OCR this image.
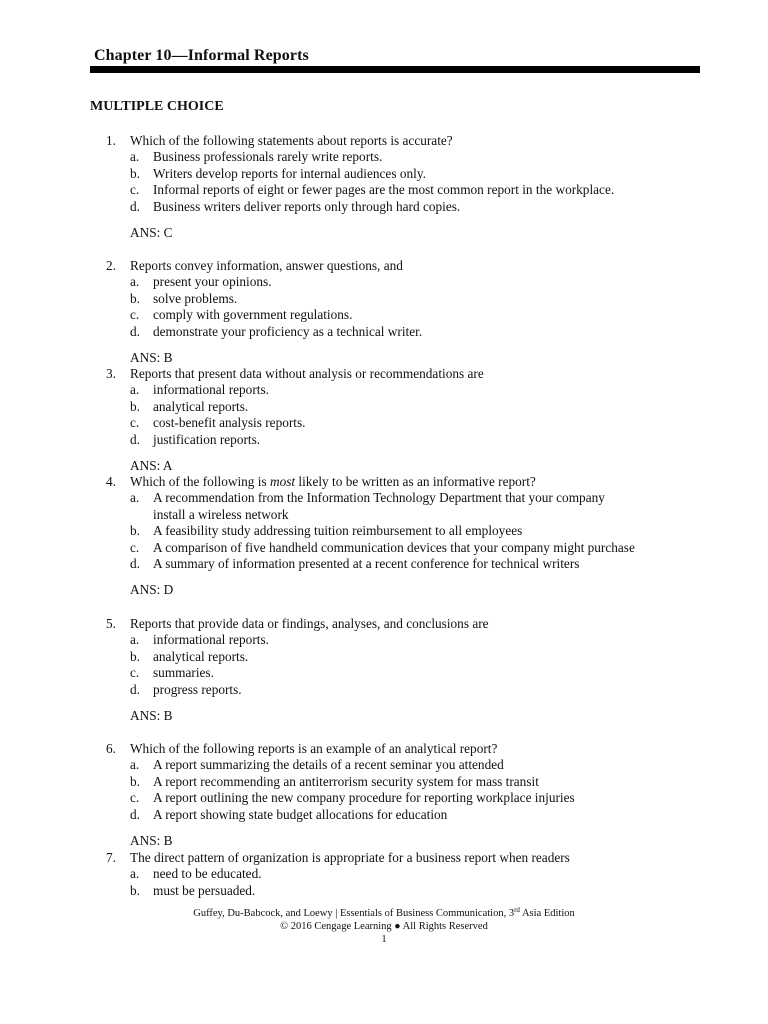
Chapter 10—Informal Reports
MULTIPLE CHOICE
1. Which of the following statements about reports is accurate?
a. Business professionals rarely write reports.
b. Writers develop reports for internal audiences only.
c. Informal reports of eight or fewer pages are the most common report in the workplace.
d. Business writers deliver reports only through hard copies.
ANS: C
2. Reports convey information, answer questions, and
a. present your opinions.
b. solve problems.
c. comply with government regulations.
d. demonstrate your proficiency as a technical writer.
ANS: B
3. Reports that present data without analysis or recommendations are
a. informational reports.
b. analytical reports.
c. cost-benefit analysis reports.
d. justification reports.
ANS: A
4. Which of the following is most likely to be written as an informative report?
a. A recommendation from the Information Technology Department that your company
install a wireless network
b. A feasibility study addressing tuition reimbursement to all employees
c. A comparison of five handheld communication devices that your company might purchase
d. A summary of information presented at a recent conference for technical writers
ANS: D
5. Reports that provide data or findings, analyses, and conclusions are
a. informational reports.
b. analytical reports.
c. summaries.
d. progress reports.
ANS: B
6. Which of the following reports is an example of an analytical report?
a. A report summarizing the details of a recent seminar you attended
b. A report recommending an antiterrorism security system for mass transit
c. A report outlining the new company procedure for reporting workplace injuries
d. A report showing state budget allocations for education
ANS: B
7. The direct pattern of organization is appropriate for a business report when readers
a. need to be educated.
b. must be persuaded.
Guffey, Du-Babcock, and Loewy | Essentials of Business Communication, 3rd Asia Edition
© 2016 Cengage Learning ● All Rights Reserved
1
